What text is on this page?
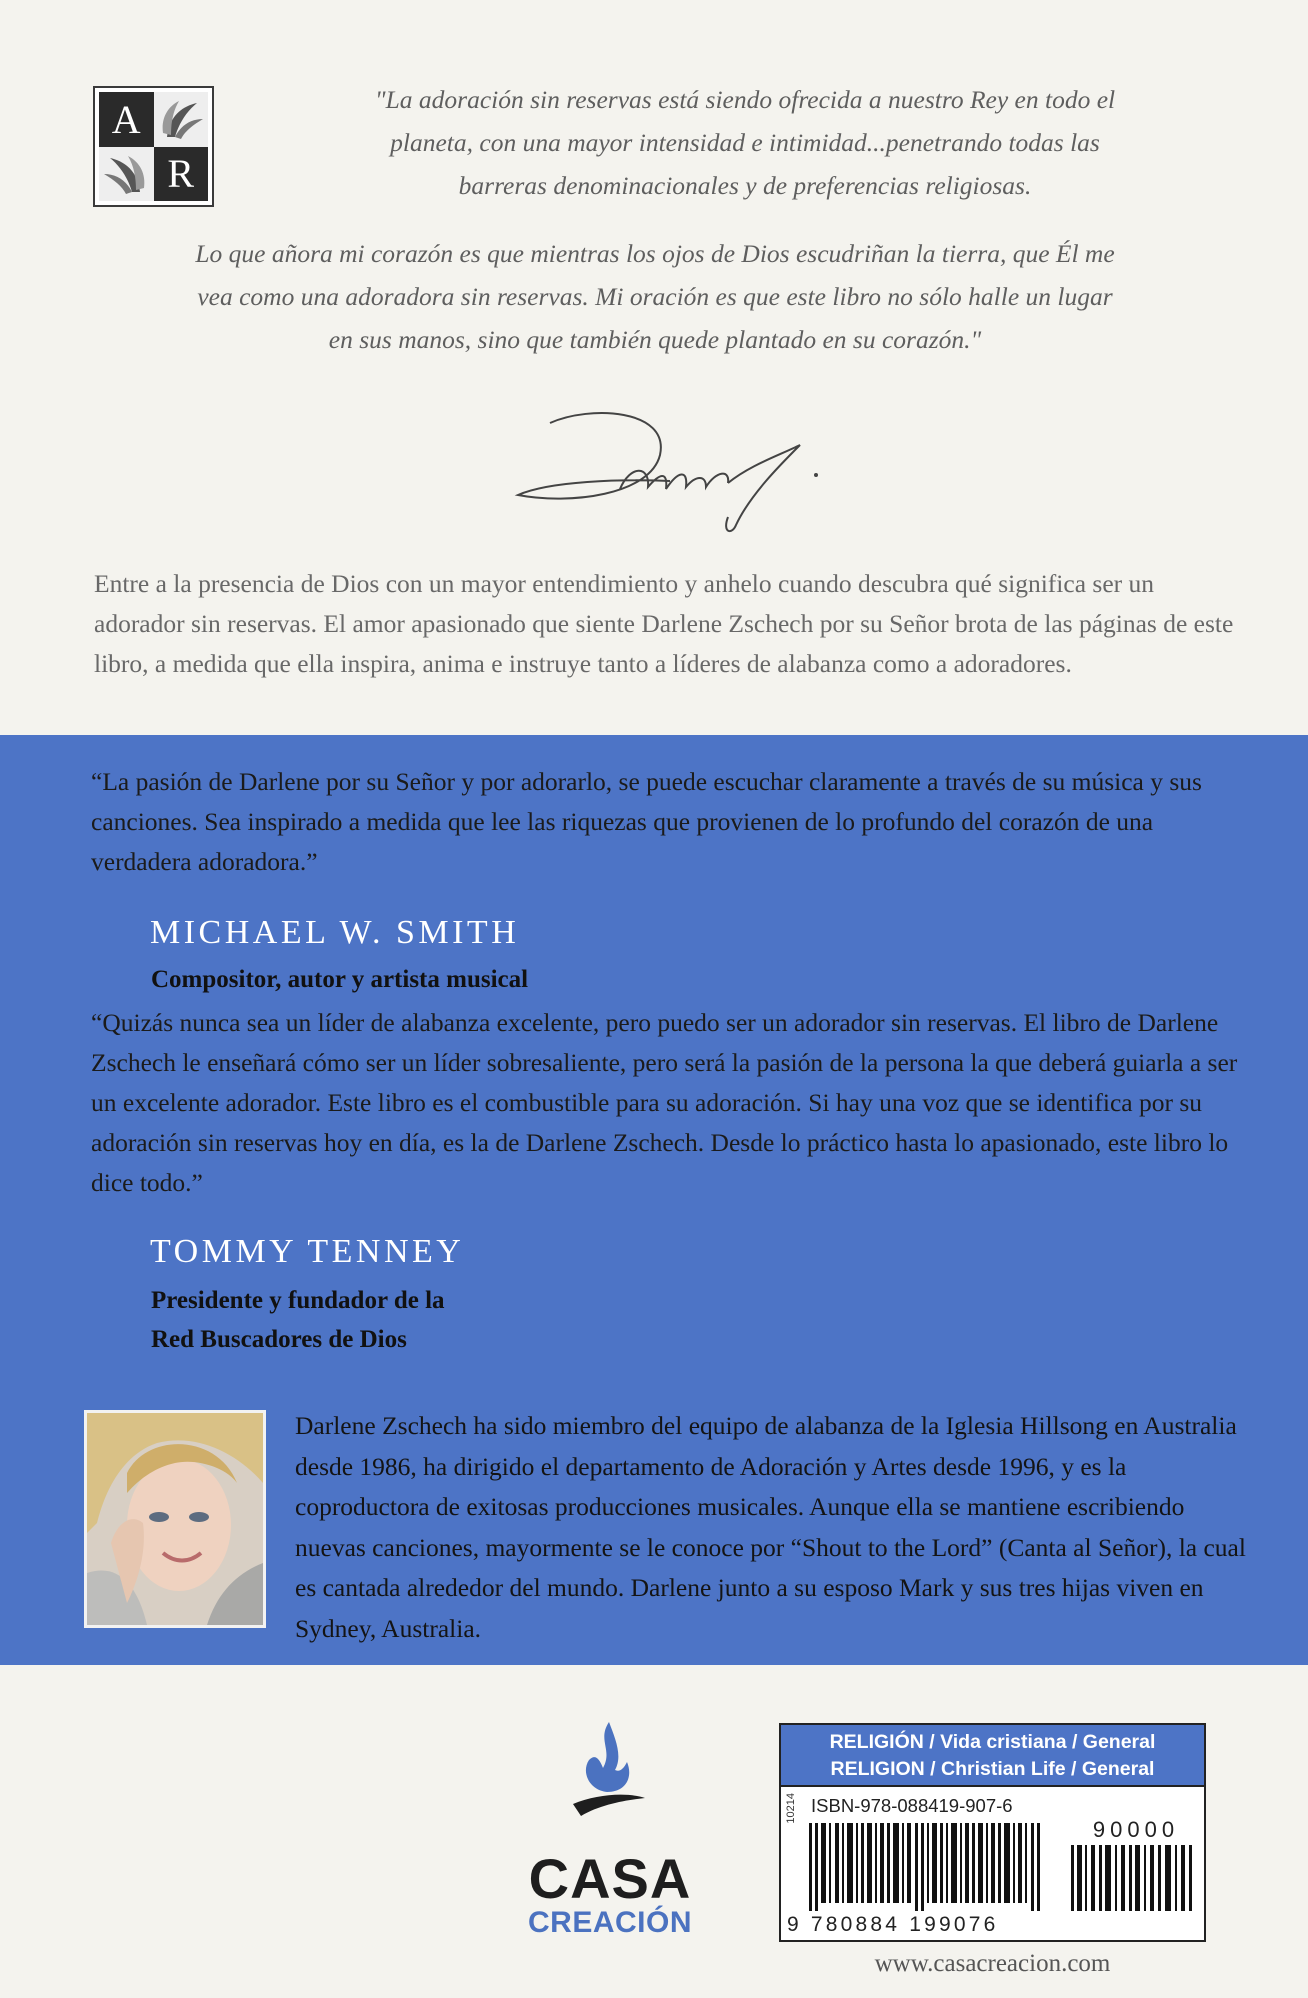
A
R
"La adoración sin reservas está siendo ofrecida a nuestro Rey en todo el
planeta, con una mayor intensidad e intimidad...penetrando todas las
barreras denominacionales y de preferencias religiosas.
Lo que añora mi corazón es que mientras los ojos de Dios escudriñan la tierra, que Él me
vea como una adoradora sin reservas. Mi oración es que este libro no sólo halle un lugar
en sus manos, sino que también quede plantado en su corazón."
Entre a la presencia de Dios con un mayor entendimiento y anhelo cuando descubra qué significa ser un adorador sin reservas. El amor apasionado que siente Darlene Zschech por su Señor brota de las páginas de este libro, a medida que ella inspira, anima e instruye tanto a líderes de alabanza como a adoradores.
“La pasión de Darlene por su Señor y por adorarlo, se puede escuchar claramente a través de su música y sus canciones. Sea inspirado a medida que lee las riquezas que provienen de lo profundo del corazón de una verdadera adoradora.”
MICHAEL W. SMITH
Compositor, autor y artista musical
“Quizás nunca sea un líder de alabanza excelente, pero puedo ser un adorador sin reservas. El libro de Darlene Zschech le enseñará cómo ser un líder sobresaliente, pero será la pasión de la persona la que deberá guiarla a ser un excelente adorador. Este libro es el combustible para su adoración. Si hay una voz que se identifica por su adoración sin reservas hoy en día, es la de Darlene Zschech. Desde lo práctico hasta lo apasionado, este libro lo dice todo.”
TOMMY TENNEY
Presidente y fundador de la
Red Buscadores de Dios
Darlene Zschech ha sido miembro del equipo de alabanza de la Iglesia Hillsong en Australia desde 1986, ha dirigido el departamento de Adoración y Artes desde 1996, y es la coproductora de exitosas producciones musicales. Aunque ella se mantiene escribiendo nuevas canciones, mayormente se le conoce por “Shout to the Lord” (Canta al Señor), la cual es cantada alrededor del mundo. Darlene junto a su esposo Mark y sus tres hijas viven en Sydney, Australia.
CASA
CREACIÓN
RELIGIÓN / Vida cristiana / General
RELIGION / Christian Life / General
10214 ISBN-978-088419-907-6
90000
9 780884 199076
www.casacreacion.com
